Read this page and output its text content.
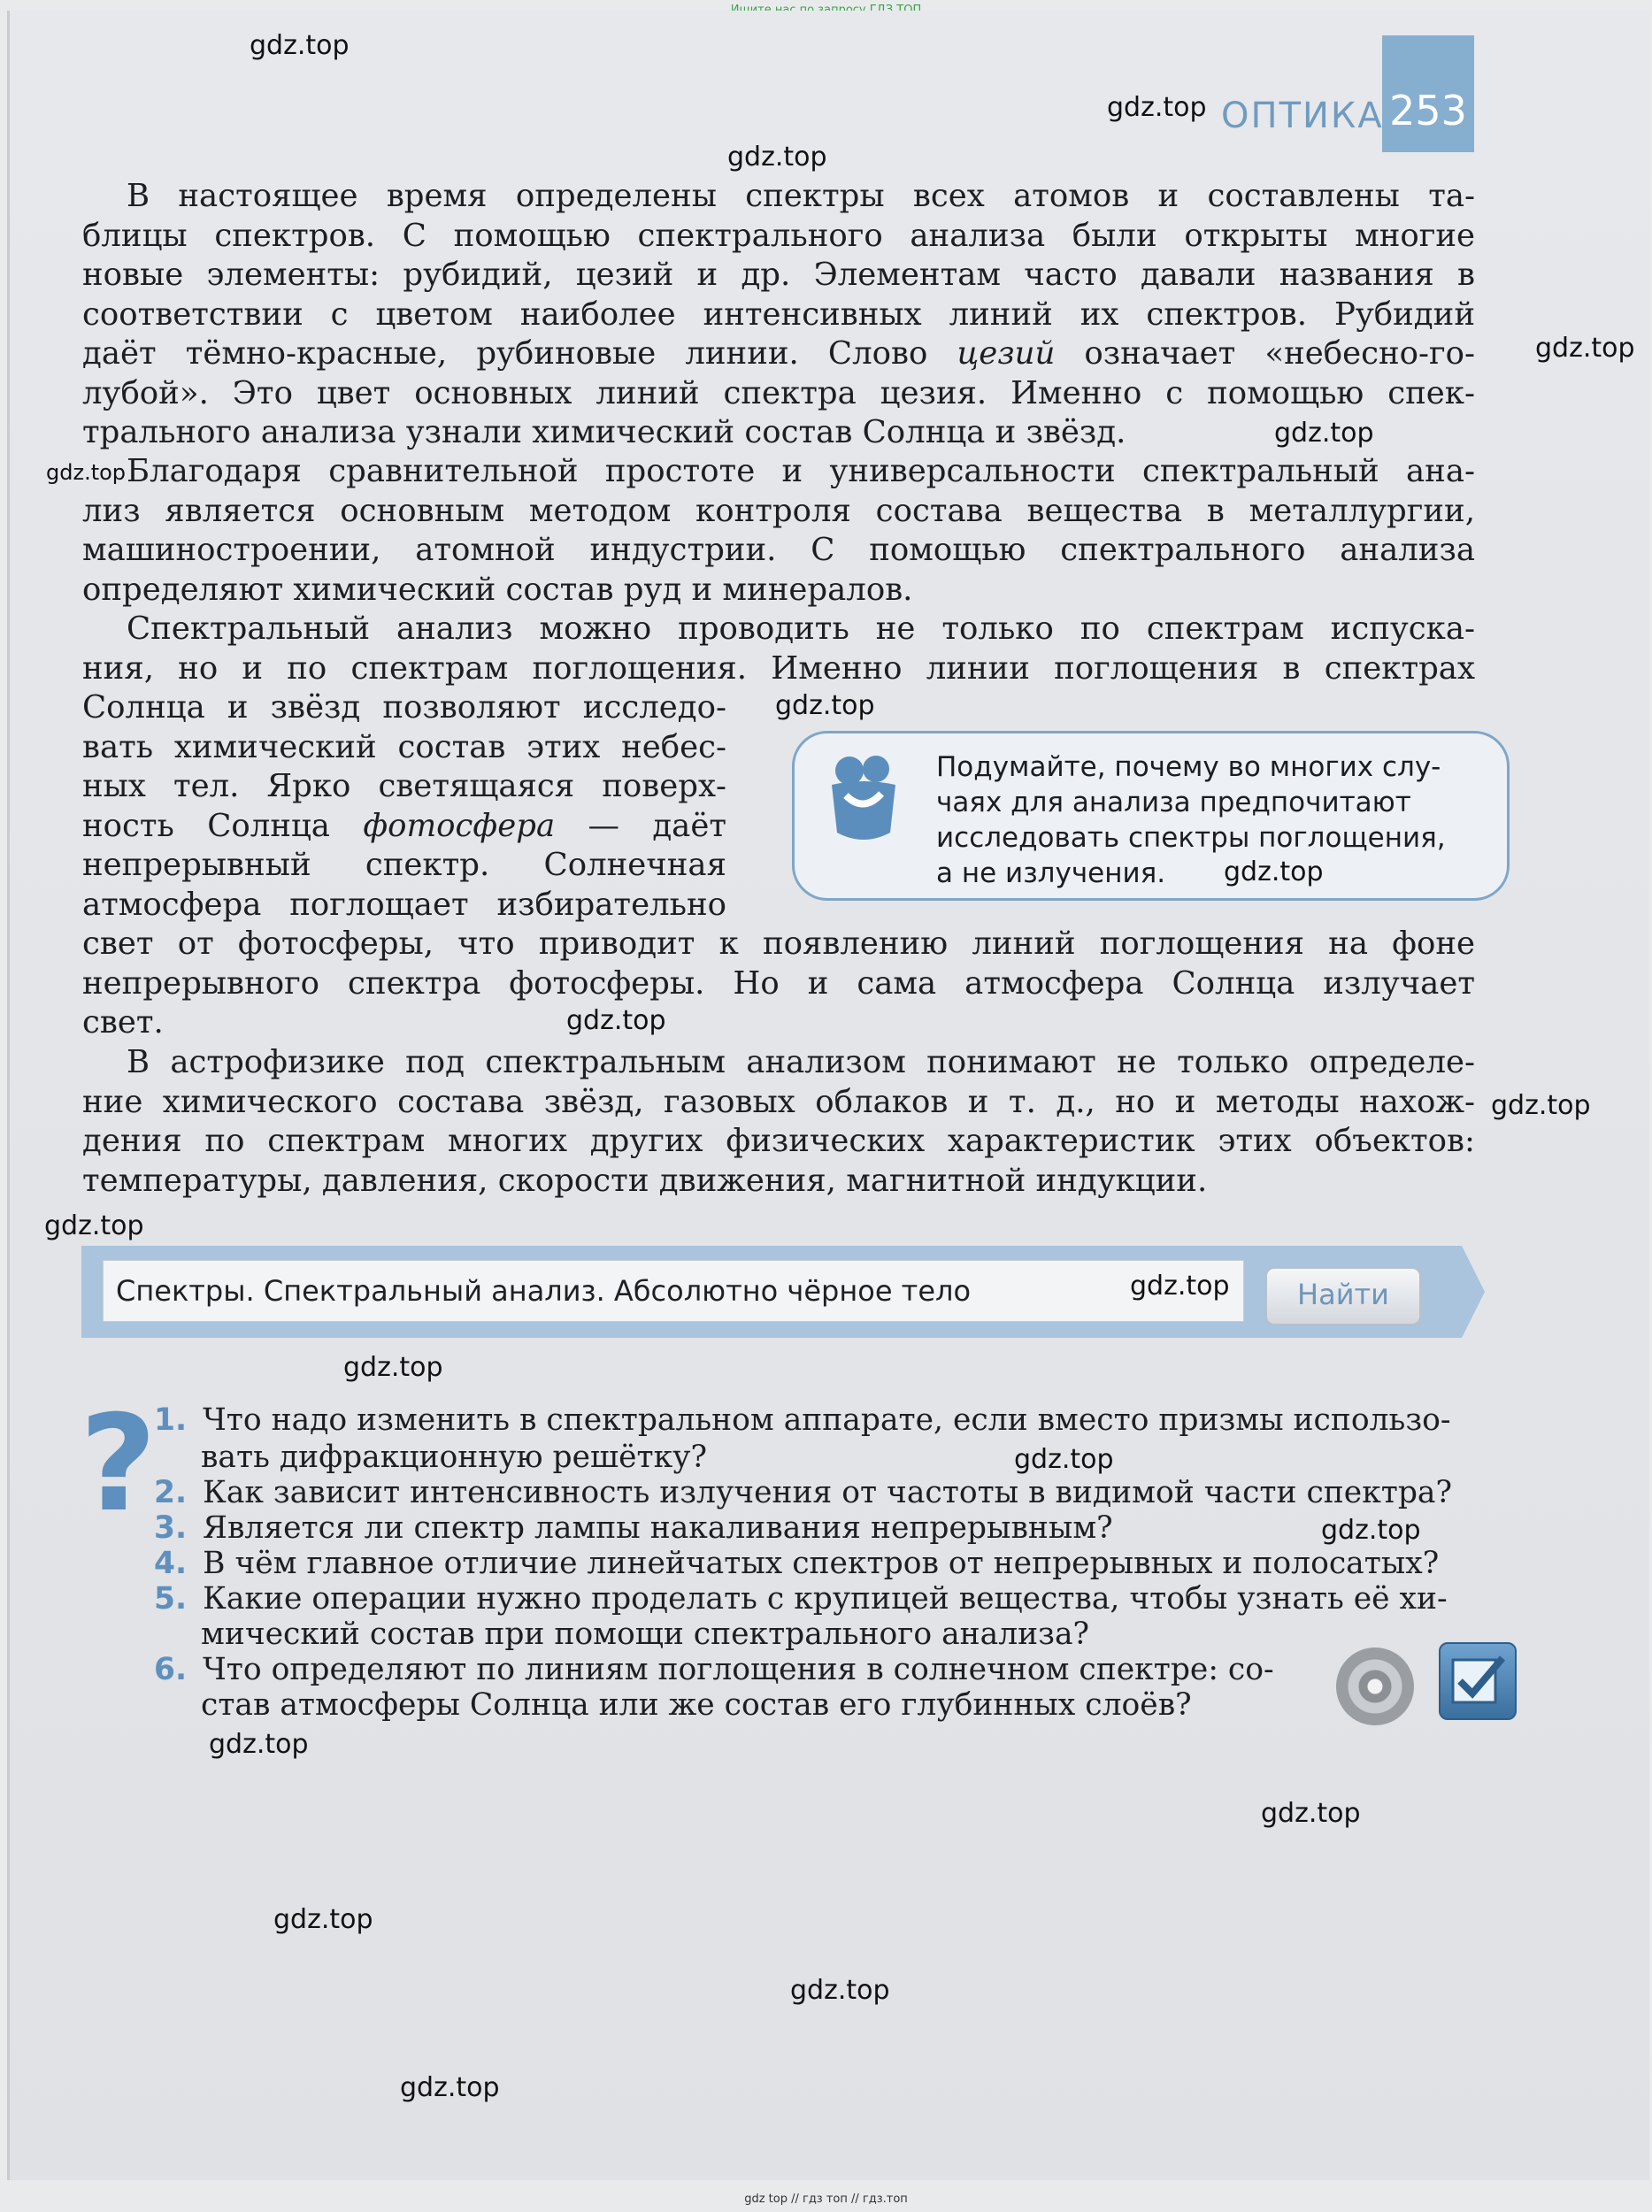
ОПТИКА 253
В настоящее время определены спектры всех атомов и составлены та-
блицы спектров. С помощью спектрального анализа были открыты многие
новые элементы: рубидий, цезий и др. Элементам часто давали названия в
соответствии с цветом наиболее интенсивных линий их спектров. Рубидий
даёт тёмно-красные, рубиновые линии. Слово цезий означает «небесно-го-
лубой». Это цвет основных линий спектра цезия. Именно с помощью спек-
трального анализа узнали химический состав Солнца и звёзд.
Благодаря сравнительной простоте и универсальности спектральный ана-
лиз является основным методом контроля состава вещества в металлургии,
машиностроении, атомной индустрии. С помощью спектрального анализа
определяют химический состав руд и минералов.
Спектральный анализ можно проводить не только по спектрам испуска-
ния, но и по спектрам поглощения. Именно линии поглощения в спектрах
Солнца и звёзд позволяют исследо-
вать химический состав этих небес-
ных тел. Ярко светящаяся поверх-
ность Солнца фотосфера — даёт
непрерывный спектр. Солнечная
атмосфера поглощает избирательно
свет от фотосферы, что приводит к появлению линий поглощения на фоне
непрерывного спектра фотосферы. Но и сама атмосфера Солнца излучает
свет.
Подумайте, почему во многих слу-
чаях для анализа предпочитают
исследовать спектры поглощения,
а не излучения.
В астрофизике под спектральным анализом понимают не только определе-
ние химического состава звёзд, газовых облаков и т. д., но и методы нахож-
дения по спектрам многих других физических характеристик этих объектов:
температуры, давления, скорости движения, магнитной индукции.
Спектры. Спектральный анализ. Абсолютно чёрное тело	Найти
?
1. Что надо изменить в спектральном аппарате, если вместо призмы использо-
вать дифракционную решётку?
2. Как зависит интенсивность излучения от частоты в видимой части спектра?
3. Является ли спектр лампы накаливания непрерывным?
4. В чём главное отличие линейчатых спектров от непрерывных и полосатых?
5. Какие операции нужно проделать с крупицей вещества, чтобы узнать её хи-
мический состав при помощи спектрального анализа?
6. Что определяют по линиям поглощения в солнечном спектре: со-
став атмосферы Солнца или же состав его глубинных слоёв?
gdz.top
gdz.top
gdz.top
gdz.top
gdz.top
gdz.top
gdz.top
gdz.top
gdz.top
gdz.top
gdz.top
gdz.top
gdz.top
gdz.top
gdz.top
gdz.top
gdz.top
gdz.top
gdz.top
gdz.top
gdz top // гдз топ // гдз.топ
